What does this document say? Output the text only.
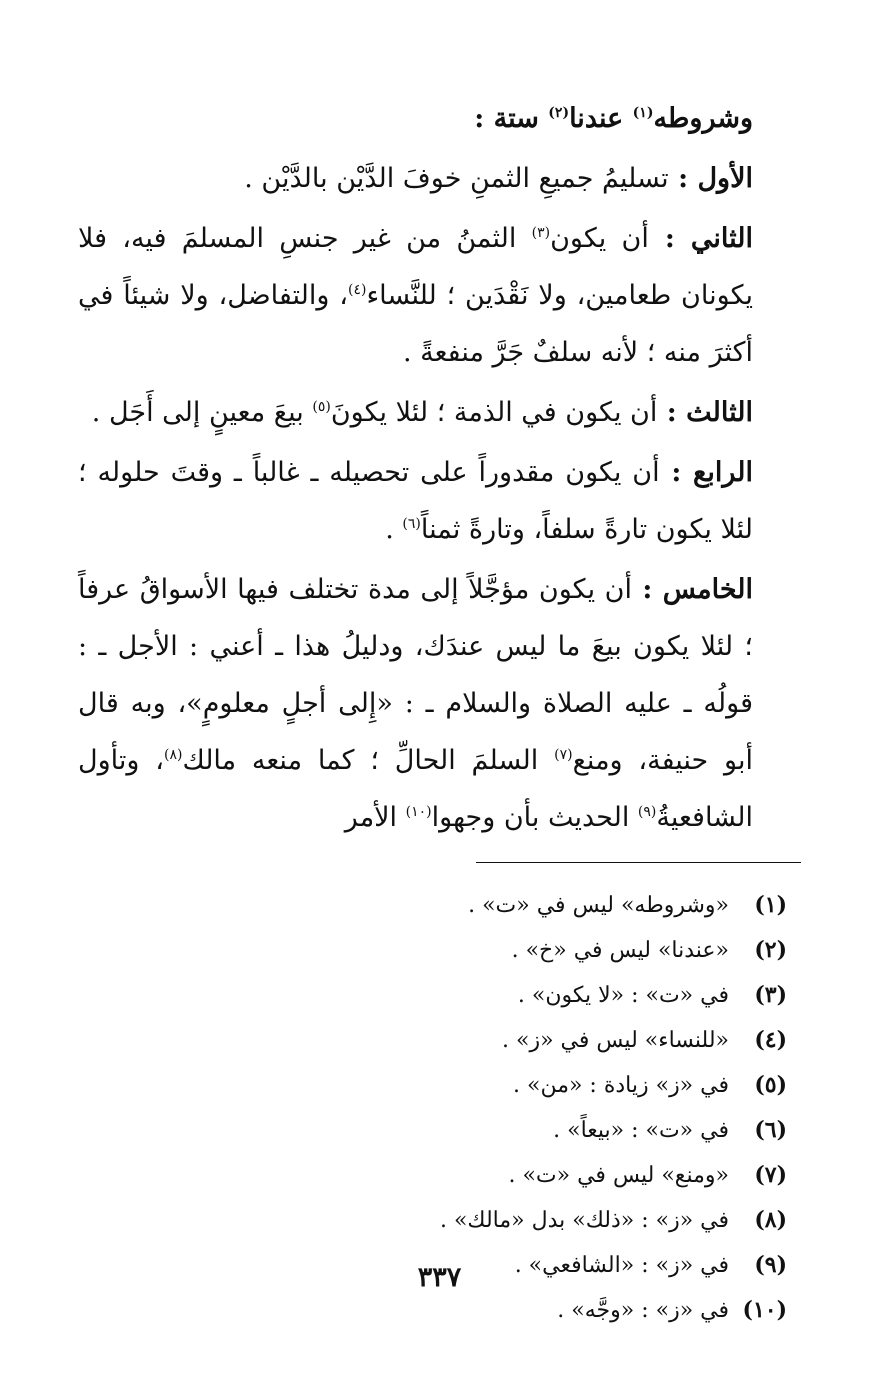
وشروطه$^{(١)}$ عندنا$^{(٢)}$ ستة :

الأول : تسليمُ جميعِ الثمنِ خوفَ الدَّيْن بالدَّيْن .

الثاني : أن يكون$^{(٣)}$ الثمنُ من غير جنسِ المسلمَ فيه، فلا يكونان طعامين، ولا نَقْدَين ؛ للنَّساء$^{(٤)}$، والتفاضل، ولا شيئاً في أكثرَ منه ؛ لأنه سلفٌ جَرَّ منفعةً .

الثالث : أن يكون في الذمة ؛ لئلا يكونَ$^{(٥)}$ بيعَ معينٍ إلى أَجَل .

الرابع : أن يكون مقدوراً على تحصيله ـ غالباً ـ وقتَ حلوله ؛ لئلا يكون تارةً سلفاً، وتارةً ثمناً$^{(٦)}$ .

الخامس : أن يكون مؤجَّلاً إلى مدة تختلف فيها الأسواقُ عرفاً ؛ لئلا يكون بيعَ ما ليس عندَك، ودليلُ هذا ـ أعني : الأجل ـ : قولُه ـ عليه الصلاة والسلام ـ : «إِلى أجلٍ معلومٍ»، وبه قال أبو حنيفة، ومنع$^{(٧)}$ السلمَ الحالِّ ؛ كما منعه مالك$^{(٨)}$، وتأول الشافعيةُ$^{(٩)}$ الحديث بأن وجهوا$^{(١٠)}$ الأمر

(١)
«وشروطه» ليس في «ت» .
(٢)
«عندنا» ليس في «خ» .
(٣)
في «ت» : «لا يكون» .
(٤)
«للنساء» ليس في «ز» .
(٥)
في «ز» زيادة : «من» .
(٦)
في «ت» : «بيعاً» .
(٧)
«ومنع» ليس في «ت» .
(٨)
في «ز» : «ذلك» بدل «مالك» .
(٩)
في «ز» : «الشافعي» .
(١٠)
في «ز» : «وجَّه» .
٣٣٧
